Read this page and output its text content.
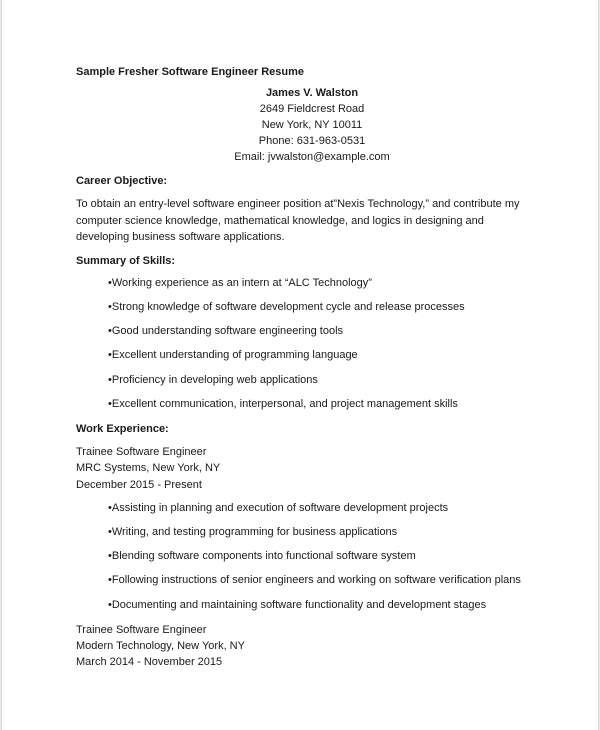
Sample Fresher Software Engineer Resume
James V. Walston
2649 Fieldcrest Road
New York, NY 10011
Phone: 631-963-0531
Email: jvwalston@example.com
Career Objective:
To obtain an entry-level software engineer position at”Nexis Technology,” and contribute my computer science knowledge, mathematical knowledge, and logics in designing and developing business software applications.
Summary of Skills:
•Working experience as an intern at “ALC Technology”
•Strong knowledge of software development cycle and release processes
•Good understanding software engineering tools
•Excellent understanding of programming language
•Proficiency in developing web applications
•Excellent communication, interpersonal, and project management skills
Work Experience:
Trainee Software Engineer
MRC Systems, New York, NY
December 2015 - Present
•Assisting in planning and execution of software development projects
•Writing, and testing programming for business applications
•Blending software components into functional software system
•Following instructions of senior engineers and working on software verification plans
•Documenting and maintaining software functionality and development stages
Trainee Software Engineer
Modern Technology, New York, NY
March 2014 - November 2015
